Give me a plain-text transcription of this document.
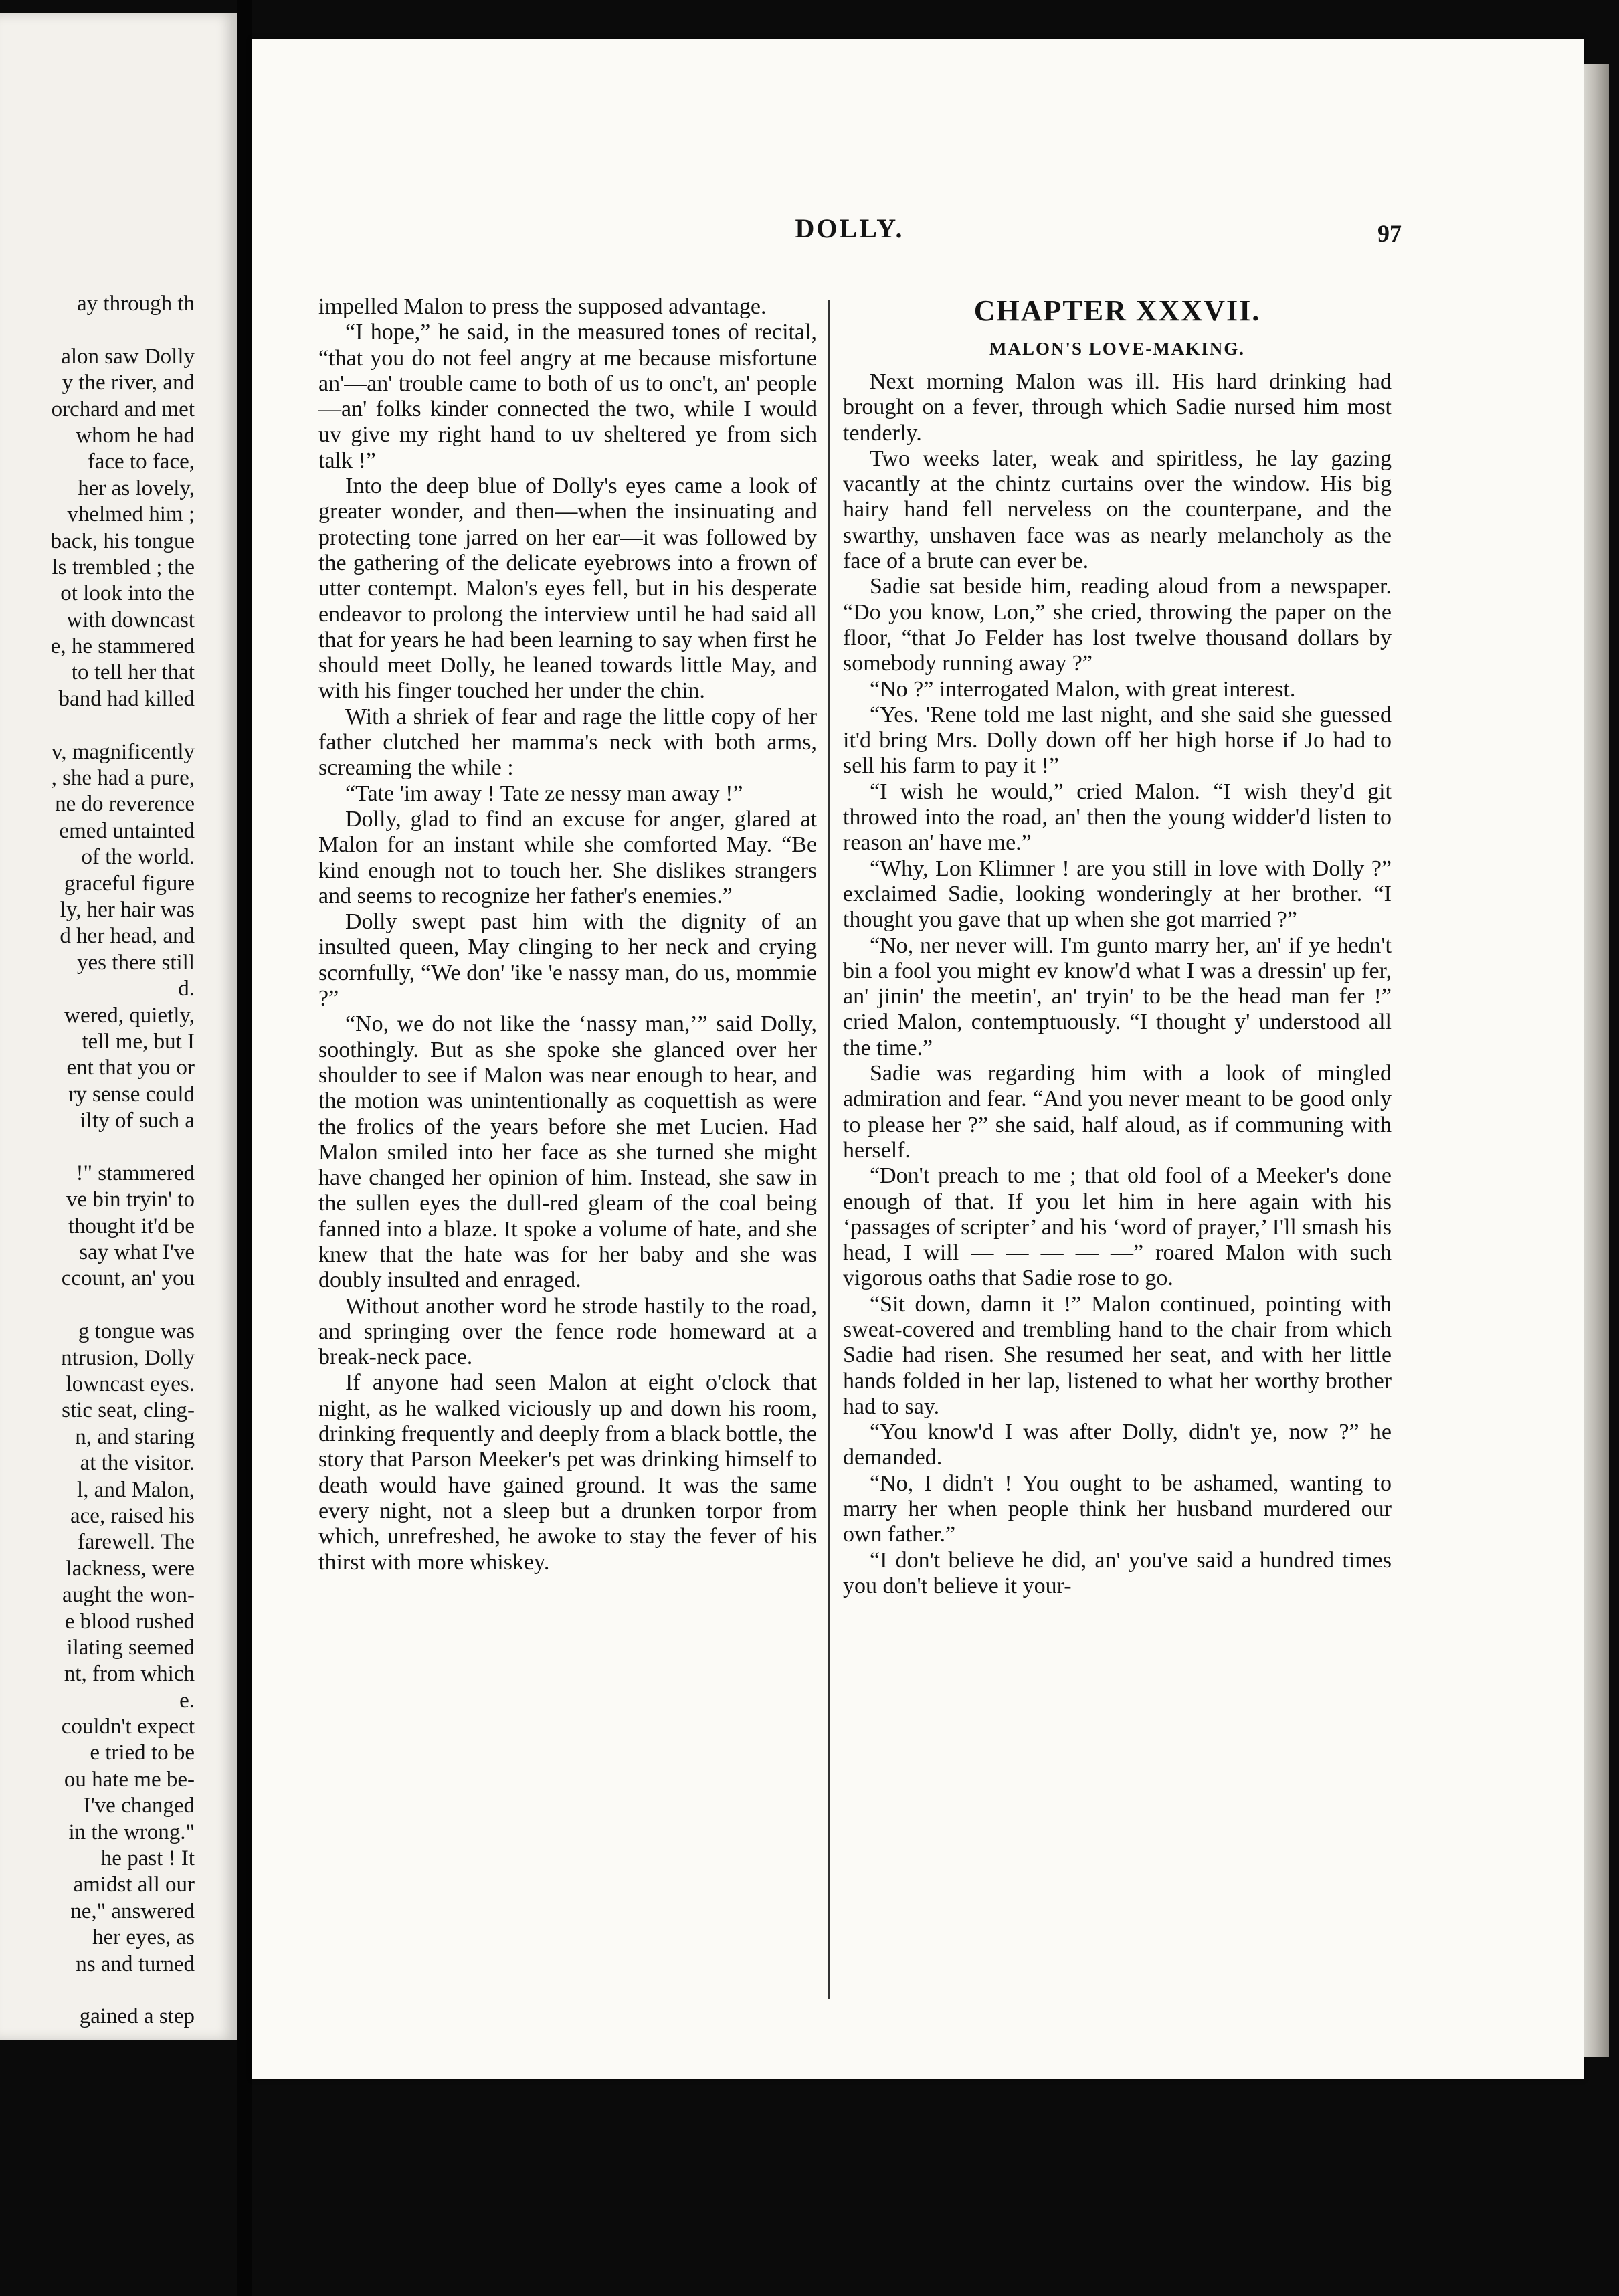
ay through th
alon saw Dolly
y the river, and
orchard and met
whom he had
face to face,
her as lovely,
vhelmed him ;
back, his tongue
ls trembled ; the
ot look into the
with downcast
e, he stammered
to tell her that
band had killed
v, magnificently
, she had a pure,
ne do reverence
emed untainted
of the world.
graceful figure
ly, her hair was
d her head, and
yes there still
d.
wered, quietly,
tell me, but I
ent that you or
ry sense could
ilty of such a
!" stammered
ve bin tryin' to
thought it'd be
say what I've
ccount, an' you
g tongue was
ntrusion, Dolly
lowncast eyes.
stic seat, cling-
n, and staring
at the visitor.
l, and Malon,
ace, raised his
farewell. The
lackness, were
aught the won-
e blood rushed
ilating seemed
nt, from which
e.
couldn't expect
e tried to be
ou hate me be-
I've changed
in the wrong."
he past ! It
amidst all our
ne," answered
her eyes, as
ns and turned
gained a step
DOLLY.	97

impelled Malon to press the supposed advantage.

“I hope,” he said, in the measured tones of recital, “that you do not feel angry at me because misfortune an'—an' trouble came to both of us to onc't, an' people—an' folks kinder connected the two, while I would uv give my right hand to uv sheltered ye from sich talk !”

Into the deep blue of Dolly's eyes came a look of greater wonder, and then—when the insinuating and protecting tone jarred on her ear—it was followed by the gathering of the delicate eyebrows into a frown of utter contempt. Malon's eyes fell, but in his desperate endeavor to prolong the interview until he had said all that for years he had been learning to say when first he should meet Dolly, he leaned towards little May, and with his finger touched her under the chin.

With a shriek of fear and rage the little copy of her father clutched her mamma's neck with both arms, screaming the while :

“Tate 'im away ! Tate ze nessy man away !”

Dolly, glad to find an excuse for anger, glared at Malon for an instant while she comforted May. “Be kind enough not to touch her. She dislikes strangers and seems to recognize her father's enemies.”

Dolly swept past him with the dignity of an insulted queen, May clinging to her neck and crying scornfully, “We don' 'ike 'e nassy man, do us, mommie ?”

“No, we do not like the ‘nassy man,’” said Dolly, soothingly. But as she spoke she glanced over her shoulder to see if Malon was near enough to hear, and the motion was unintentionally as coquettish as were the frolics of the years before she met Lucien. Had Malon smiled into her face as she turned she might have changed her opinion of him. Instead, she saw in the sullen eyes the dull-red gleam of the coal being fanned into a blaze. It spoke a volume of hate, and she knew that the hate was for her baby and she was doubly insulted and enraged.

Without another word he strode hastily to the road, and springing over the fence rode homeward at a break-neck pace.

If anyone had seen Malon at eight o'clock that night, as he walked viciously up and down his room, drinking frequently and deeply from a black bottle, the story that Parson Meeker's pet was drinking himself to death would have gained ground. It was the same every night, not a sleep but a drunken torpor from which, unrefreshed, he awoke to stay the fever of his thirst with more whiskey.

CHAPTER XXXVII.
MALON'S LOVE-MAKING.

Next morning Malon was ill. His hard drinking had brought on a fever, through which Sadie nursed him most tenderly.

Two weeks later, weak and spiritless, he lay gazing vacantly at the chintz curtains over the window. His big hairy hand fell nerveless on the counterpane, and the swarthy, unshaven face was as nearly melancholy as the face of a brute can ever be.

Sadie sat beside him, reading aloud from a newspaper. “Do you know, Lon,” she cried, throwing the paper on the floor, “that Jo Felder has lost twelve thousand dollars by somebody running away ?”

“No ?” interrogated Malon, with great interest.

“Yes. 'Rene told me last night, and she said she guessed it'd bring Mrs. Dolly down off her high horse if Jo had to sell his farm to pay it !”

“I wish he would,” cried Malon. “I wish they'd git throwed into the road, an' then the young widder'd listen to reason an' have me.”

“Why, Lon Klimner ! are you still in love with Dolly ?” exclaimed Sadie, looking wonderingly at her brother. “I thought you gave that up when she got married ?”

“No, ner never will. I'm gunto marry her, an' if ye hedn't bin a fool you might ev know'd what I was a dressin' up fer, an' jinin' the meetin', an' tryin' to be the head man fer !” cried Malon, contemptuously. “I thought y' understood all the time.”

Sadie was regarding him with a look of mingled admiration and fear. “And you never meant to be good only to please her ?” she said, half aloud, as if communing with herself.

“Don't preach to me ; that old fool of a Meeker's done enough of that. If you let him in here again with his ‘passages of scripter’ and his ‘word of prayer,’ I'll smash his head, I will — — — — —” roared Malon with such vigorous oaths that Sadie rose to go.

“Sit down, damn it !” Malon continued, pointing with sweat-covered and trembling hand to the chair from which Sadie had risen. She resumed her seat, and with her little hands folded in her lap, listened to what her worthy brother had to say.

“You know'd I was after Dolly, didn't ye, now ?” he demanded.

“No, I didn't ! You ought to be ashamed, wanting to marry her when people think her husband murdered our own father.”

“I don't believe he did, an' you've said a hundred times you don't believe it your-
